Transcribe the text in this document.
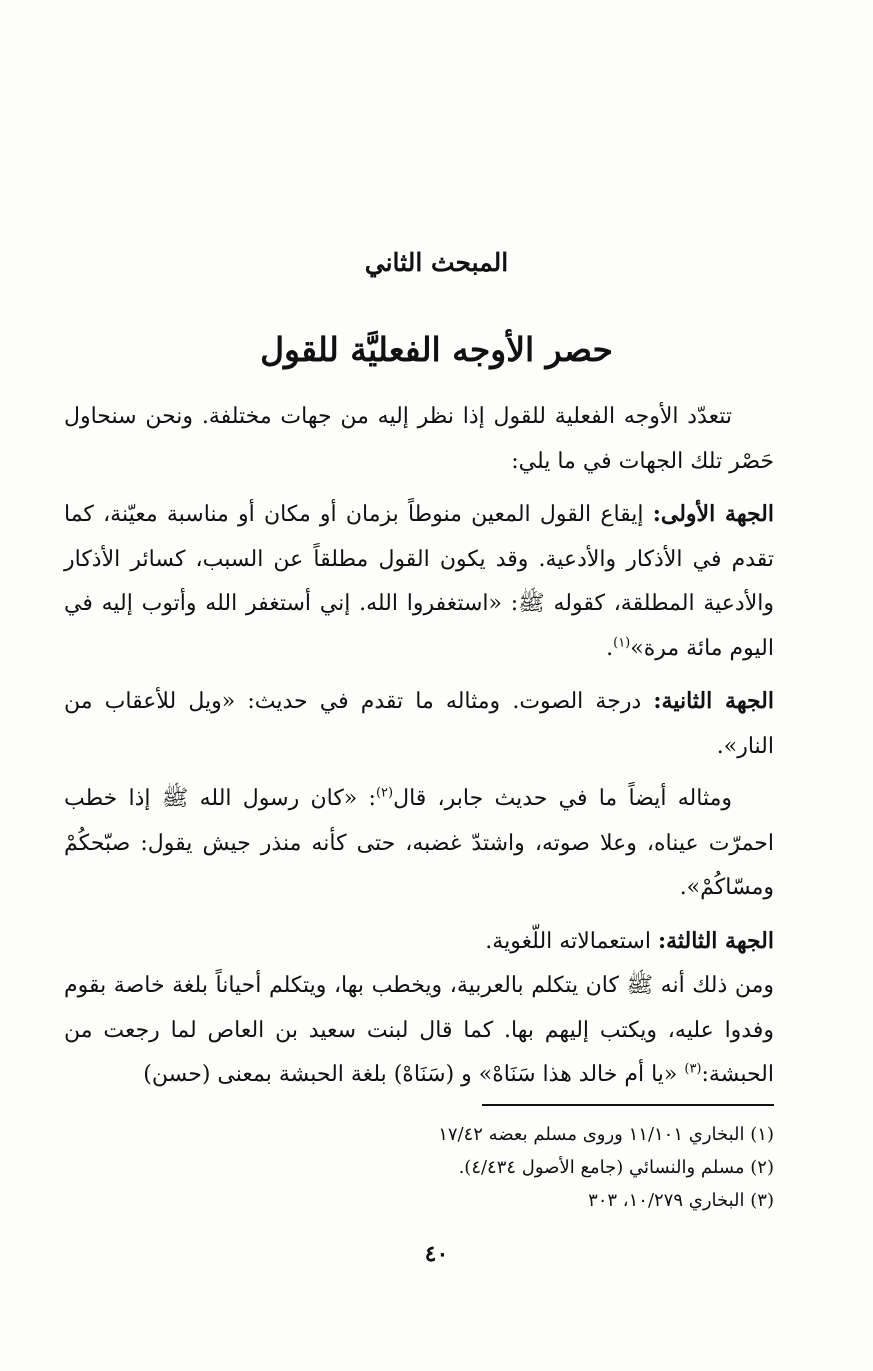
المبحث الثاني
حصر الأوجه الفعليَّة للقول

تتعدّد الأوجه الفعلية للقول إذا نظر إليه من جهات مختلفة. ونحن سنحاول حَصْر تلك الجهات في ما يلي:

الجهة الأولى: إيقاع القول المعين منوطاً بزمان أو مكان أو مناسبة معيّنة، كما تقدم في الأذكار والأدعية. وقد يكون القول مطلقاً عن السبب، كسائر الأذكار والأدعية المطلقة، كقوله ﷺ: «استغفروا الله. إني أستغفر الله وأتوب إليه في اليوم مائة مرة»$^{(١)}$.

الجهة الثانية: درجة الصوت. ومثاله ما تقدم في حديث: «ويل للأعقاب من النار».

ومثاله أيضاً ما في حديث جابر، قال$^{(٢)}$: «كان رسول الله ﷺ إذا خطب احمرّت عيناه، وعلا صوته، واشتدّ غضبه، حتى كأنه منذر جيش يقول: صبّحكُمْ ومسّاكُمْ».

الجهة الثالثة: استعمالاته اللّغوية.

ومن ذلك أنه ﷺ كان يتكلم بالعربية، ويخطب بها، ويتكلم أحياناً بلغة خاصة بقوم وفدوا عليه، ويكتب إليهم بها. كما قال لبنت سعيد بن العاص لما رجعت من الحبشة:$^{(٣)}$ «يا أم خالد هذا سَنَاهْ» و (سَنَاهْ) بلغة الحبشة بمعنى (حسن)

(١) البخاري ١١/١٠١ وروى مسلم بعضه ١٧/٤٢
(٢) مسلم والنسائي (جامع الأصول ٤/٤٣٤).
(٣) البخاري ١٠/٢٧٩، ٣٠٣
٤٠
